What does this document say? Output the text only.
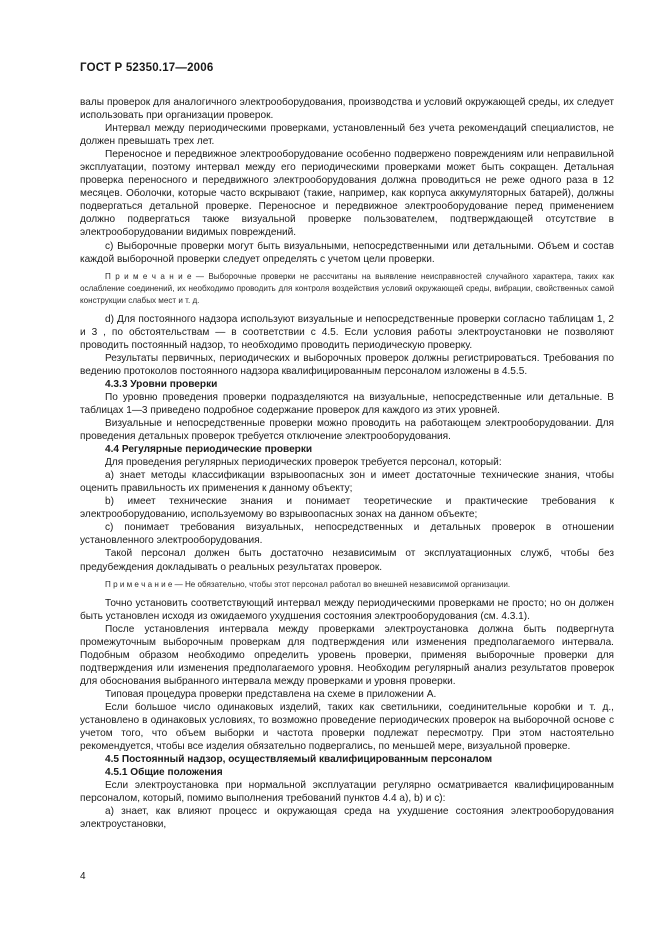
ГОСТ Р 52350.17—2006

валы проверок для аналогичного электрооборудования, производства и условий окружающей среды, их следует использовать при организации проверок.

Интервал между периодическими проверками, установленный без учета рекомендаций специалистов, не должен превышать трех лет.

Переносное и передвижное электрооборудование особенно подвержено повреждениям или неправильной эксплуатации, поэтому интервал между его периодическими проверками может быть сокращен. Детальная проверка переносного и передвижного электрооборудования должна проводиться не реже одного раза в 12 месяцев. Оболочки, которые часто вскрывают (такие, например, как корпуса аккумуляторных батарей), должны подвергаться детальной проверке. Переносное и передвижное электрооборудование перед применением должно подвергаться также визуальной проверке пользователем, подтверждающей отсутствие в электрооборудовании видимых повреждений.

с) Выборочные проверки могут быть визуальными, непосредственными или детальными. Объем и состав каждой выборочной проверки следует определять с учетом цели проверки.

П р и м е ч а н и е — Выборочные проверки не рассчитаны на выявление неисправностей случайного характера, таких как ослабление соединений, их необходимо проводить для контроля воздействия условий окружающей среды, вибрации, свойственных самой конструкции слабых мест и т. д.

d) Для постоянного надзора используют визуальные и непосредственные проверки согласно таблицам 1, 2 и 3 , по обстоятельствам — в соответствии с 4.5. Если условия работы электроустановки не позволяют проводить постоянный надзор, то необходимо проводить периодическую проверку.

Результаты первичных, периодических и выборочных проверок должны регистрироваться. Требования по ведению протоколов постоянного надзора квалифицированным персоналом изложены в 4.5.5.

4.3.3 Уровни проверки

По уровню проведения проверки подразделяются на визуальные, непосредственные или детальные. В таблицах 1—3 приведено подробное содержание проверок для каждого из этих уровней.

Визуальные и непосредственные проверки можно проводить на работающем электрооборудовании. Для проведения детальных проверок требуется отключение электрооборудования.

4.4 Регулярные периодические проверки

Для проведения регулярных периодических проверок требуется персонал, который:

а) знает методы классификации взрывоопасных зон и имеет достаточные технические знания, чтобы оценить правильность их применения к данному объекту;

b) имеет технические знания и понимает теоретические и практические требования к электрооборудованию, используемому во взрывоопасных зонах на данном объекте;

c) понимает требования визуальных, непосредственных и детальных проверок в отношении установленного электрооборудования.

Такой персонал должен быть достаточно независимым от эксплуатационных служб, чтобы без предубеждения докладывать о реальных результатах проверок.

П р и м е ч а н и е — Не обязательно, чтобы этот персонал работал во внешней независимой организации.

Точно установить соответствующий интервал между периодическими проверками не просто; но он должен быть установлен исходя из ожидаемого ухудшения состояния электрооборудования (см. 4.3.1).

После установления интервала между проверками электроустановка должна быть подвергнута промежуточным выборочным проверкам для подтверждения или изменения предполагаемого интервала. Подобным образом необходимо определить уровень проверки, применяя выборочные проверки для подтверждения или изменения предполагаемого уровня. Необходим регулярный анализ результатов проверок для обоснования выбранного интервала между проверками и уровня проверки.

Типовая процедура проверки представлена на схеме в приложении А.

Если большое число одинаковых изделий, таких как светильники, соединительные коробки и т. д., установлено в одинаковых условиях, то возможно проведение периодических проверок на выборочной основе с учетом того, что объем выборки и частота проверки подлежат пересмотру. При этом настоятельно рекомендуется, чтобы все изделия обязательно подвергались, по меньшей мере, визуальной проверке.

4.5 Постоянный надзор, осуществляемый квалифицированным персоналом

4.5.1 Общие положения

Если электроустановка при нормальной эксплуатации регулярно осматривается квалифицированным персоналом, который, помимо выполнения требований пунктов 4.4 а), b) и с):

а) знает, как влияют процесс и окружающая среда на ухудшение состояния электрооборудования электроустановки,

4
